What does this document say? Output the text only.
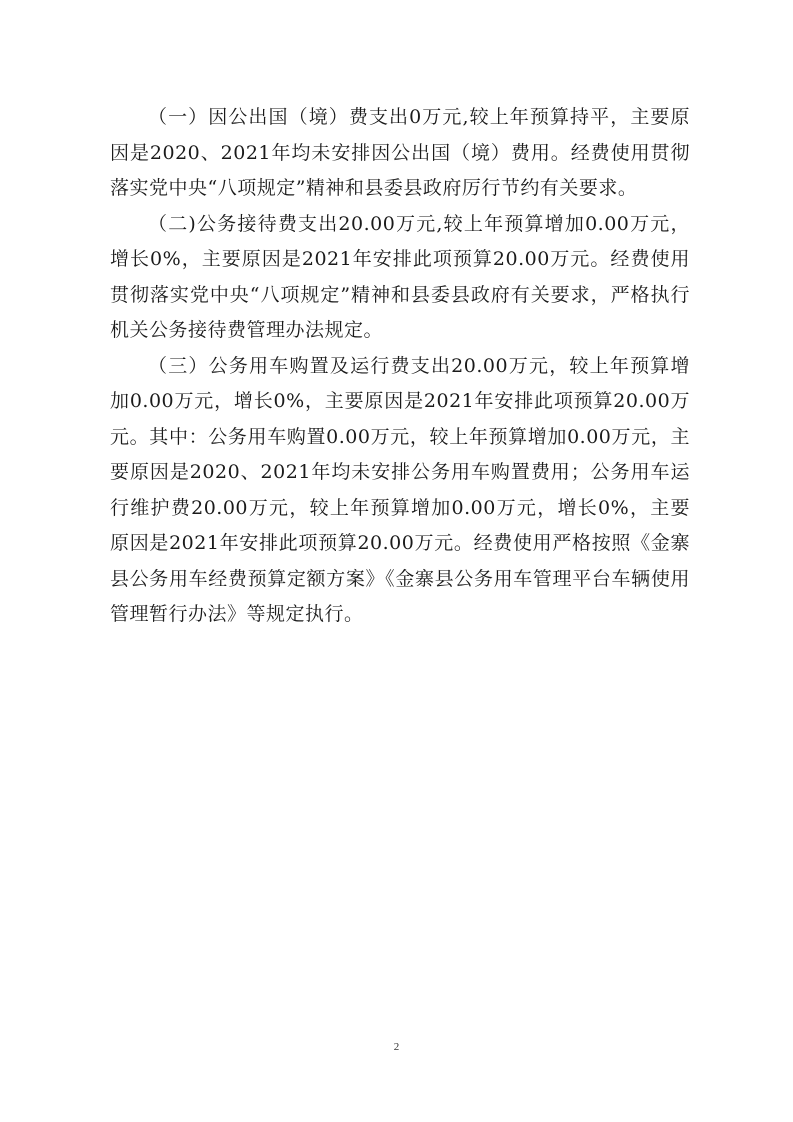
（一）因公出国（境）费支出0万元,较上年预算持平，主要原因是2020、2021年均未安排因公出国（境）费用。经费使用贯彻落实党中央“八项规定”精神和县委县政府厉行节约有关要求。

（二)公务接待费支出20.00万元,较上年预算增加0.00万元，增长0%，主要原因是2021年安排此项预算20.00万元。经费使用贯彻落实党中央“八项规定”精神和县委县政府有关要求，严格执行机关公务接待费管理办法规定。

（三）公务用车购置及运行费支出20.00万元，较上年预算增加0.00万元，增长0%，主要原因是2021年安排此项预算20.00万元。其中：公务用车购置0.00万元，较上年预算增加0.00万元，主要原因是2020、2021年均未安排公务用车购置费用；公务用车运行维护费20.00万元，较上年预算增加0.00万元，增长0%，主要原因是2021年安排此项预算20.00万元。经费使用严格按照《金寨县公务用车经费预算定额方案》《金寨县公务用车管理平台车辆使用管理暂行办法》等规定执行。

2
